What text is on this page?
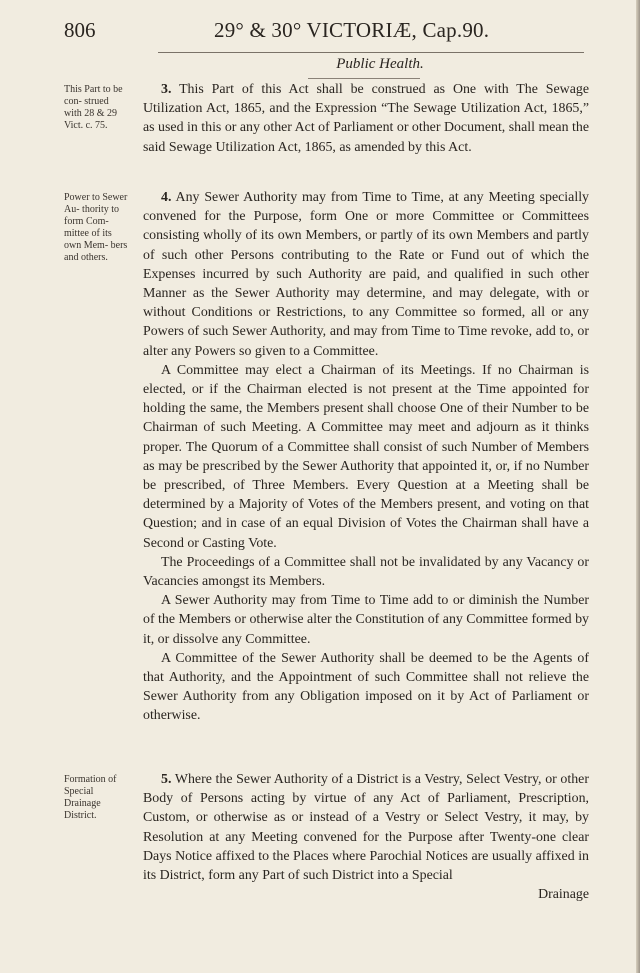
806	29° & 30° VICTORIÆ, Cap.90.
Public Health.
This Part to be con- strued with 28 & 29 Vict. c. 75.

3. This Part of this Act shall be construed as One with The Sewage Utilization Act, 1865, and the Expression “The Sewage Utilization Act, 1865,” as used in this or any other Act of Parliament or other Document, shall mean the said Sewage Utilization Act, 1865, as amended by this Act.

Power to Sewer Au- thority to form Com- mittee of its own Mem- bers and others.

4. Any Sewer Authority may from Time to Time, at any Meeting specially convened for the Purpose, form One or more Committee or Committees consisting wholly of its own Members, or partly of its own Members and partly of such other Persons contributing to the Rate or Fund out of which the Expenses incurred by such Authority are paid, and qualified in such other Manner as the Sewer Authority may determine, and may delegate, with or without Conditions or Restrictions, to any Committee so formed, all or any Powers of such Sewer Authority, and may from Time to Time revoke, add to, or alter any Powers so given to a Committee.

A Committee may elect a Chairman of its Meetings. If no Chairman is elected, or if the Chairman elected is not present at the Time appointed for holding the same, the Members present shall choose One of their Number to be Chairman of such Meeting. A Committee may meet and adjourn as it thinks proper. The Quorum of a Committee shall consist of such Number of Members as may be prescribed by the Sewer Authority that appointed it, or, if no Number be prescribed, of Three Members. Every Question at a Meeting shall be determined by a Majority of Votes of the Members present, and voting on that Question; and in case of an equal Division of Votes the Chairman shall have a Second or Casting Vote.

The Proceedings of a Committee shall not be invalidated by any Vacancy or Vacancies amongst its Members.

A Sewer Authority may from Time to Time add to or diminish the Number of the Members or otherwise alter the Constitution of any Committee formed by it, or dissolve any Committee.

A Committee of the Sewer Authority shall be deemed to be the Agents of that Authority, and the Appointment of such Committee shall not relieve the Sewer Authority from any Obligation imposed on it by Act of Parliament or otherwise.

Formation of Special Drainage District.

5. Where the Sewer Authority of a District is a Vestry, Select Vestry, or other Body of Persons acting by virtue of any Act of Parliament, Prescription, Custom, or otherwise as or instead of a Vestry or Select Vestry, it may, by Resolution at any Meeting convened for the Purpose after Twenty-one clear Days Notice affixed to the Places where Parochial Notices are usually affixed in its District, form any Part of such District into a Special

Drainage
